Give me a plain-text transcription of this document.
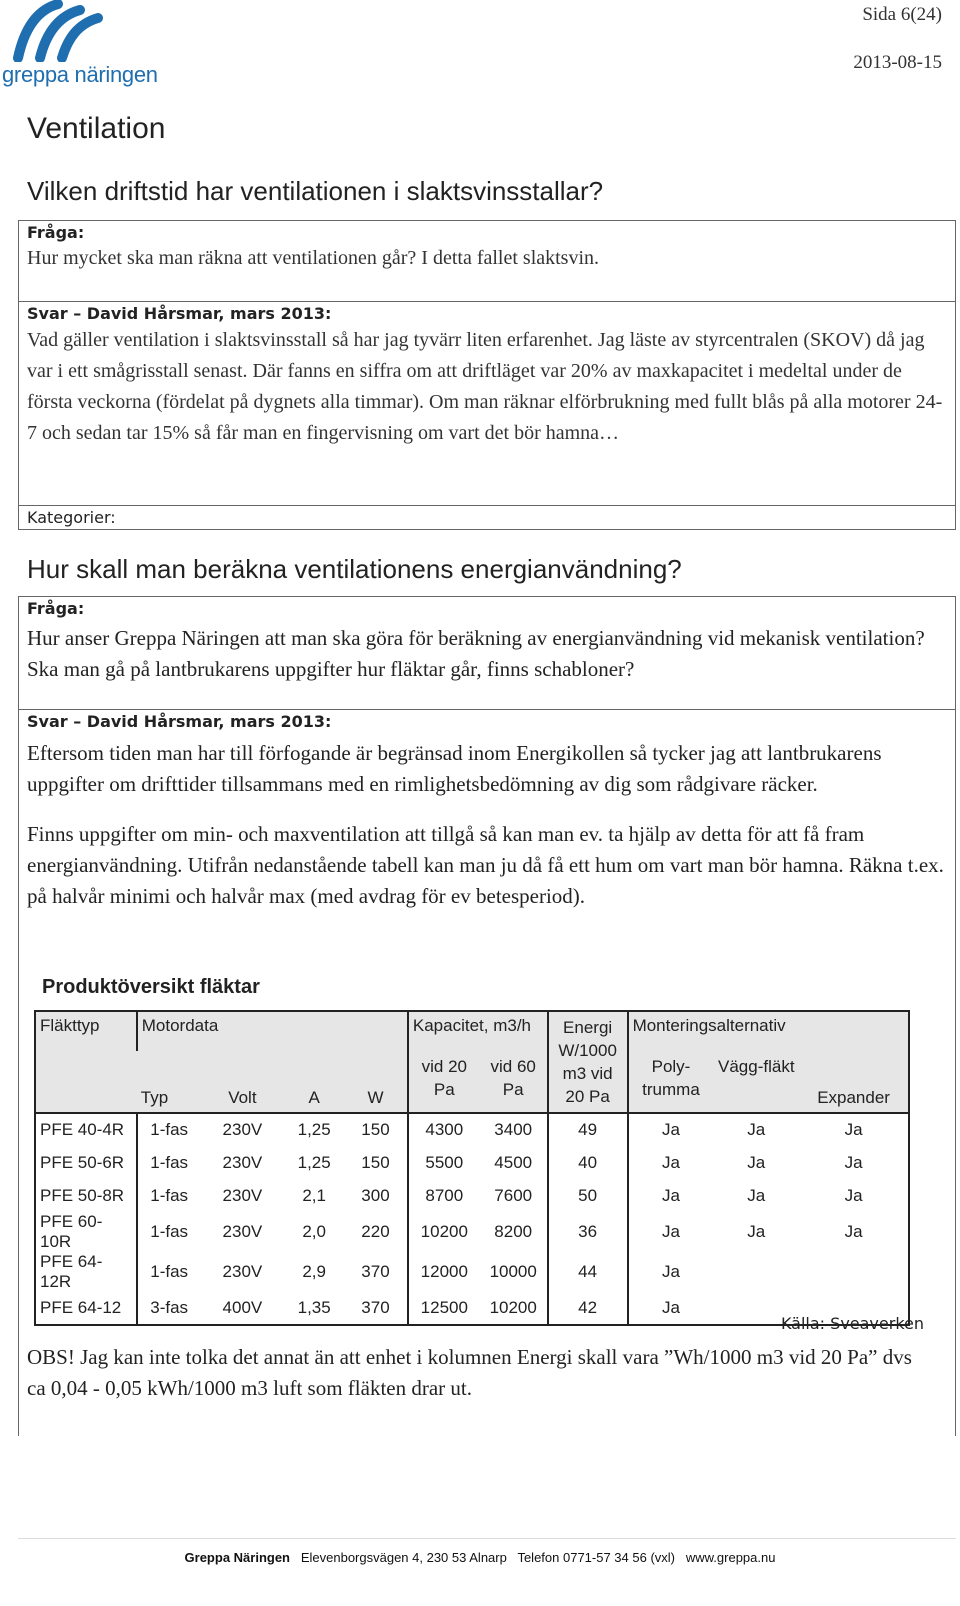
greppa näringen
Sida 6(24)
2013-08-15
Ventilation
Vilken driftstid har ventilationen i slaktsvinsstallar?
Fråga:
Hur mycket ska man räkna att ventilationen går? I detta fallet slaktsvin.
Svar – David Hårsmar, mars 2013:
Vad gäller ventilation i slaktsvinsstall så har jag tyvärr liten erfarenhet. Jag läste av styrcentralen (SKOV) då jag var i ett smågrisstall senast. Där fanns en siffra om att driftläget var 20% av maxkapacitet i medeltal under de första veckorna (fördelat på dygnets alla timmar). Om man räknar elförbrukning med fullt blås på alla motorer 24-7 och sedan tar 15% så får man en fingervisning om vart det bör hamna…
Kategorier:
Hur skall man beräkna ventilationens energianvändning?
Fråga:
Hur anser Greppa Näringen att man ska göra för beräkning av energianvändning vid mekanisk ventilation? Ska man gå på lantbrukarens uppgifter hur fläktar går, finns schabloner?
Svar – David Hårsmar, mars 2013:
Eftersom tiden man har till förfogande är begränsad inom Energikollen så tycker jag att lantbrukarens uppgifter om drifttider tillsammans med en rimlighetsbedömning av dig som rådgivare räcker.
Finns uppgifter om min- och maxventilation att tillgå så kan man ev. ta hjälp av detta för att få fram energianvändning. Utifrån nedanstående tabell kan man ju då få ett hum om vart man bör hamna. Räkna t.ex. på halvår minimi och halvår max (med avdrag för ev betesperiod).
Produktöversikt fläktar
Fläkttyp	Motordata				Kapacitet, m3/h		Energi W/1000 m3 vid 20 Pa	Monteringsalternativ		
	Typ	Volt	A	W	vid 20 Pa	vid 60 Pa		Poly-trumma	Vägg-fläkt	Expander
PFE 40-4R	1-fas	230V	1,25	150	4300	3400	49	Ja	Ja	Ja
PFE 50-6R	1-fas	230V	1,25	150	5500	4500	40	Ja	Ja	Ja
PFE 50-8R	1-fas	230V	2,1	300	8700	7600	50	Ja	Ja	Ja
PFE 60-10R	1-fas	230V	2,0	220	10200	8200	36	Ja	Ja	Ja
PFE 64-12R	1-fas	230V	2,9	370	12000	10000	44	Ja		
PFE 64-12	3-fas	400V	1,35	370	12500	10200	42	Ja		
Källa: Sveaverken
OBS! Jag kan inte tolka det annat än att enhet i kolumnen Energi skall vara ”Wh/1000 m3 vid 20 Pa” dvs ca 0,04 - 0,05 kWh/1000 m3 luft som fläkten drar ut.
Greppa Näringen Elevenborgsvägen 4, 230 53 Alnarp Telefon 0771-57 34 56 (vxl) www.greppa.nu
